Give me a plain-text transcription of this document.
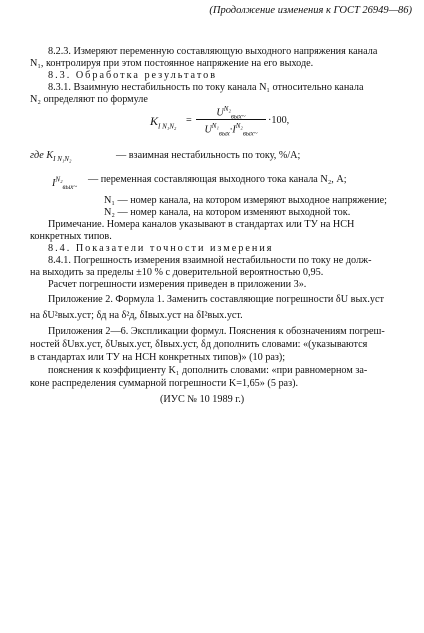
(Продолжение изменения к ГОСТ 26949—86)
8.2.3. Измеряют переменную составляющую выходного напряжения канала
N₁, контролируя при этом постоянное напряжение на его выходе.
8.3. Обработка результатов
8.3.1. Взаимную нестабильность по току канала N₁ относительно канала
N₂ определяют по формуле
$K_{I N_1N_2}$
=
$U^{N_2}_{вых\sim}$
$U^{N_1}_{вых}\cdot I^{N_2}_{вых\sim}$
·100,
где $K_{I N_1N_2}$	— взаимная нестабильность по току, %/А;
$I^{N_2}_{вых\sim}$
— переменная составляющая выходного тока канала N₂, А;
N₁ — номер канала, на котором измеряют выходное напряжение;
N₂ — номер канала, на котором изменяют выходной ток.
Примечание. Номера каналов указывают в стандартах или ТУ на НСН
конкретных типов.
8.4. Показатели точности измерения
8.4.1. Погрешность измерения взаимной нестабильности по току не долж-
на выходить за пределы ±10 % с доверительной вероятностью 0,95.
Расчет погрешности измерения приведен в приложении 3».
Приложение 2. Формула 1. Заменить составляющие погрешности δU вых.уст
на δU²вых.уст; δд на δ²д, δIвых.уст на δI²вых.уст.
Приложения 2—6. Экспликации формул. Пояснения к обозначениям погреш-
ностей δUвх.уст, δUвых.уст, δIвых.уст, δд дополнить словами: «(указываются
в стандартах или ТУ на НСН конкретных типов)» (10 раз);
пояснения к коэффициенту K₁ дополнить словами: «при равномерном за-
коне распределения суммарной погрешности K=1,65» (5 раз).
(ИУС № 10 1989 г.)
